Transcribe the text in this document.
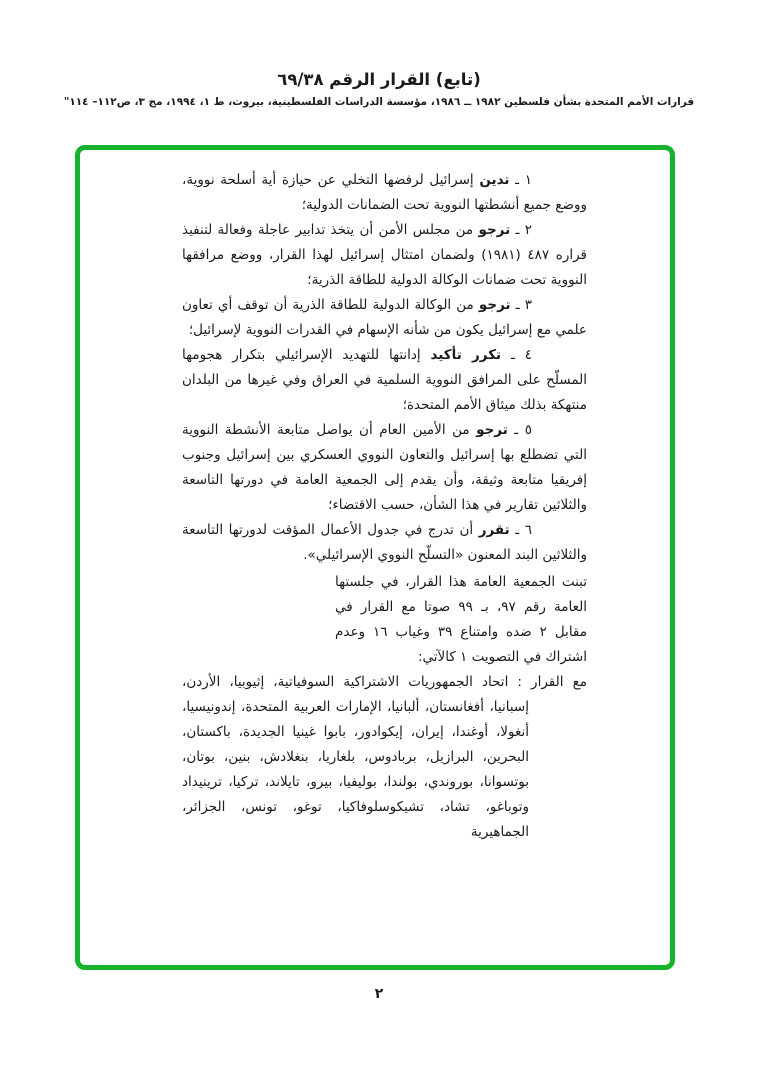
(تابع) القرار الرقم ٦٩/٣٨
قرارات الأمم المتحدة بشأن فلسطين ١٩٨٢ ــ ١٩٨٦، مؤسسة الدراسات الفلسطينية، بيروت، ط ١، ١٩٩٤، مج ٣، ص١١٢– ١١٤"

١ ـ تدين إسرائيل لرفضها التخلي عن حيازة أية أسلحة نووية، ووضع جميع أنشطتها النووية تحت الضمانات الدولية؛

٢ ـ ترجو من مجلس الأمن أن يتخذ تدابير عاجلة وفعالة لتنفيذ قراره ٤٨٧ (١٩٨١) ولضمان امتثال إسرائيل لهذا القرار، ووضع مرافقها النووية تحت ضمانات الوكالة الدولية للطاقة الذرية؛

٣ ـ ترجو من الوكالة الدولية للطاقة الذرية أن توقف أي تعاون علمي مع إسرائيل يكون من شأنه الإسهام في القدرات النووية لإسرائيل؛

٤ ـ تكرر تأكيد إدانتها للتهديد الإسرائيلي بتكرار هجومها المسلّح على المرافق النووية السلمية في العراق وفي غيرها من البلدان منتهكة بذلك ميثاق الأمم المتحدة؛

٥ ـ ترجو من الأمين العام أن يواصل متابعة الأنشطة النووية التي تضطلع بها إسرائيل والتعاون النووي العسكري بين إسرائيل وجنوب إفريقيا متابعة وثيقة، وأن يقدم إلى الجمعية العامة في دورتها التاسعة والثلاثين تقارير في هذا الشأن، حسب الاقتضاء؛

٦ ـ تقرر أن تدرج في جدول الأعمال المؤقت لدورتها التاسعة والثلاثين البند المعنون «التسلّح النووي الإسرائيلي».

تبنت الجمعية العامة هذا القرار، في جلستها العامة رقم ٩٧، بـ ٩٩ صوتا مع القرار في مقابل ٢ ضده وامتناع ٣٩ وغياب ١٦ وعدم اشتراك في التصويت ١ كالآتي:

مع القرار : اتحاد الجمهوريات الاشتراكية السوفياتية، إثيوبيا، الأردن، إسبانيا، أفغانستان، ألبانيا، الإمارات العربية المتحدة، إندونيسيا، أنغولا، أوغندا، إيران، إيكوادور، بابوا غينيا الجديدة، باكستان، البحرين، البرازيل، بربادوس، بلغاريا، بنغلادش، بنين، بوتان، بوتسوانا، بوروندي، بولندا، بوليفيا، بيرو، تايلاند، تركيا، ترينيداد وتوباغو، تشاد، تشيكوسلوفاكيا، توغو، تونس، الجزائر، الجماهيرية

٢
